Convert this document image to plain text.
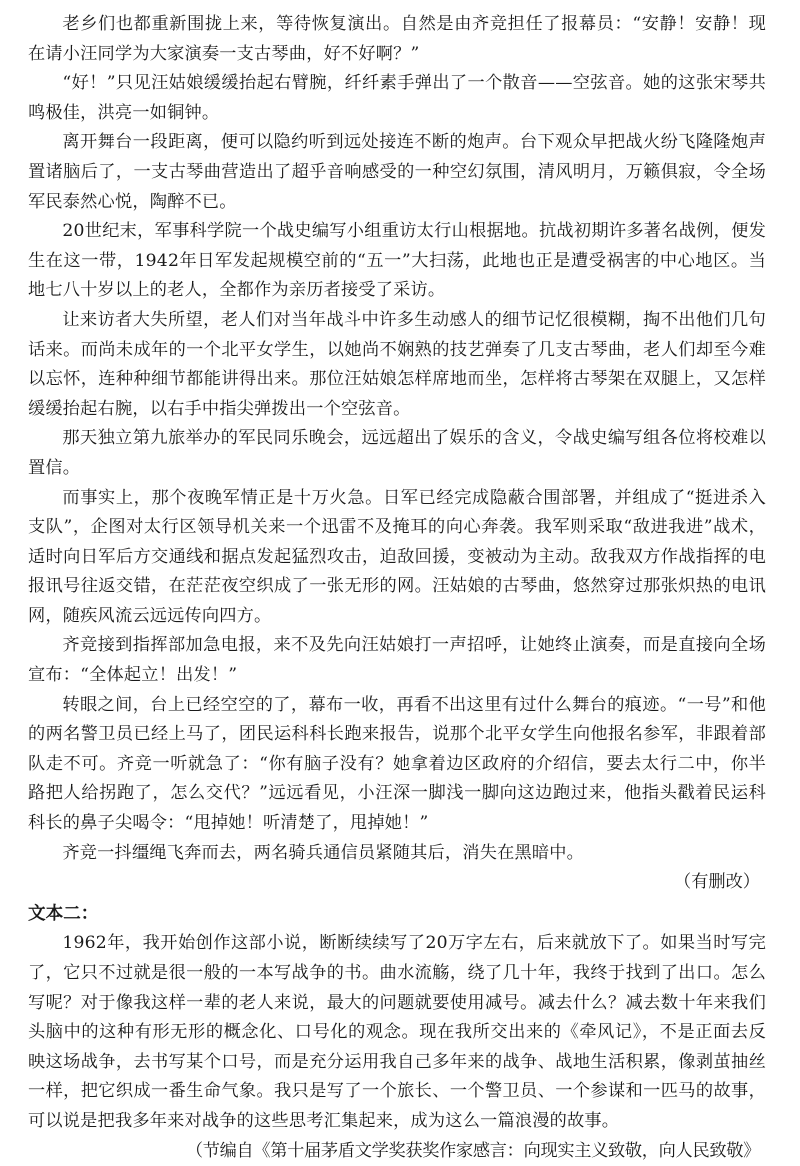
老乡们也都重新围拢上来，等待恢复演出。自然是由齐竞担任了报幕员：“安静！安静！现在请小汪同学为大家演奏一支古琴曲，好不好啊？”

“好！”只见汪姑娘缓缓抬起右臂腕，纤纤素手弹出了一个散音——空弦音。她的这张宋琴共鸣极佳，洪亮一如铜钟。

离开舞台一段距离，便可以隐约听到远处接连不断的炮声。台下观众早把战火纷飞隆隆炮声置诸脑后了，一支古琴曲营造出了超乎音响感受的一种空幻氛围，清风明月，万籁俱寂，令全场军民泰然心悦，陶醉不已。

20世纪末，军事科学院一个战史编写小组重访太行山根据地。抗战初期许多著名战例，便发生在这一带，1942年日军发起规模空前的“五一”大扫荡，此地也正是遭受祸害的中心地区。当地七八十岁以上的老人，全都作为亲历者接受了采访。

让来访者大失所望，老人们对当年战斗中许多生动感人的细节记忆很模糊，掏不出他们几句话来。而尚未成年的一个北平女学生，以她尚不娴熟的技艺弹奏了几支古琴曲，老人们却至今难以忘怀，连种种细节都能讲得出来。那位汪姑娘怎样席地而坐，怎样将古琴架在双腿上，又怎样缓缓抬起右腕，以右手中指尖弹拨出一个空弦音。

那天独立第九旅举办的军民同乐晚会，远远超出了娱乐的含义，令战史编写组各位将校难以置信。

而事实上，那个夜晚军情正是十万火急。日军已经完成隐蔽合围部署，并组成了“挺进杀入支队”，企图对太行区领导机关来一个迅雷不及掩耳的向心奔袭。我军则采取“敌进我进”战术，适时向日军后方交通线和据点发起猛烈攻击，迫敌回援，变被动为主动。敌我双方作战指挥的电报讯号往返交错，在茫茫夜空织成了一张无形的网。汪姑娘的古琴曲，悠然穿过那张炽热的电讯网，随疾风流云远远传向四方。

齐竞接到指挥部加急电报，来不及先向汪姑娘打一声招呼，让她终止演奏，而是直接向全场宣布：“全体起立！出发！”

转眼之间，台上已经空空的了，幕布一收，再看不出这里有过什么舞台的痕迹。“一号”和他的两名警卫员已经上马了，团民运科科长跑来报告，说那个北平女学生向他报名参军，非跟着部队走不可。齐竞一听就急了：“你有脑子没有？她拿着边区政府的介绍信，要去太行二中，你半路把人给拐跑了，怎么交代？”远远看见，小汪深一脚浅一脚向这边跑过来，他指头戳着民运科科长的鼻子尖喝令：“甩掉她！听清楚了，甩掉她！”

齐竞一抖缰绳飞奔而去，两名骑兵通信员紧随其后，消失在黑暗中。

（有删改）

文本二：

1962年，我开始创作这部小说，断断续续写了20万字左右，后来就放下了。如果当时写完了，它只不过就是很一般的一本写战争的书。曲水流觞，绕了几十年，我终于找到了出口。怎么写呢？对于像我这样一辈的老人来说，最大的问题就要使用减号。减去什么？减去数十年来我们头脑中的这种有形无形的概念化、口号化的观念。现在我所交出来的《牵风记》，不是正面去反映这场战争，去书写某个口号，而是充分运用我自己多年来的战争、战地生活积累，像剥茧抽丝一样，把它织成一番生命气象。我只是写了一个旅长、一个警卫员、一个参谋和一匹马的故事，可以说是把我多年来对战争的这些思考汇集起来，成为这么一篇浪漫的故事。

（节编自《第十届茅盾文学奖获奖作家感言：向现实主义致敬，向人民致敬》
